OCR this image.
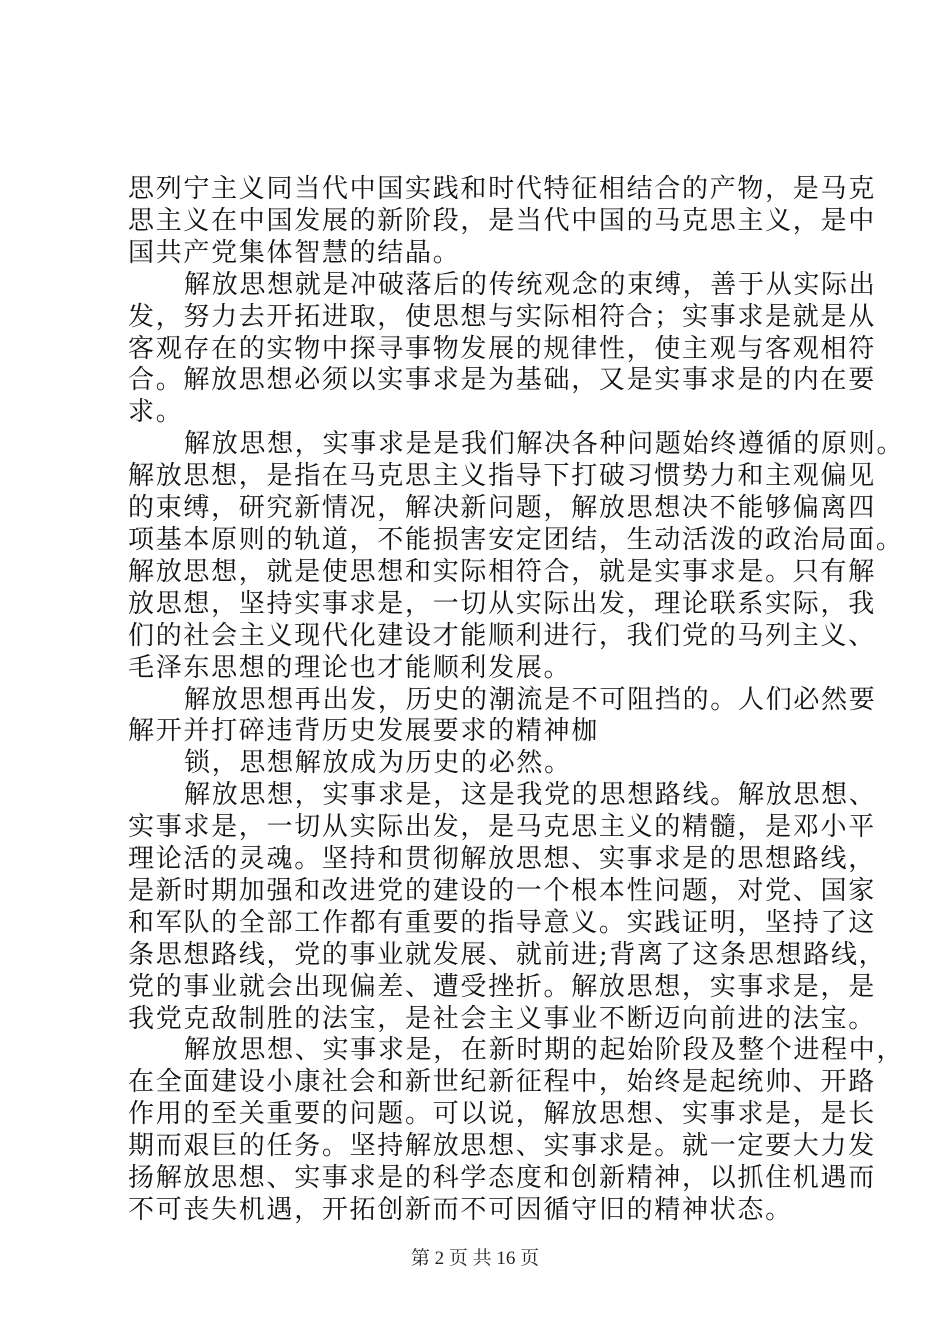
思列宁主义同当代中国实践和时代特征相结合的产物，是马克
思主义在中国发展的新阶段，是当代中国的马克思主义，是中
国共产党集体智慧的结晶。
解放思想就是冲破落后的传统观念的束缚，善于从实际出
发，努力去开拓进取，使思想与实际相符合；实事求是就是从
客观存在的实物中探寻事物发展的规律性，使主观与客观相符
合。解放思想必须以实事求是为基础，又是实事求是的内在要
求。
解放思想，实事求是是我们解决各种问题始终遵循的原则。
解放思想，是指在马克思主义指导下打破习惯势力和主观偏见
的束缚，研究新情况，解决新问题，解放思想决不能够偏离四
项基本原则的轨道，不能损害安定团结，生动活泼的政治局面。
解放思想，就是使思想和实际相符合，就是实事求是。只有解
放思想，坚持实事求是，一切从实际出发，理论联系实际，我
们的社会主义现代化建设才能顺利进行，我们党的马列主义、
毛泽东思想的理论也才能顺利发展。
解放思想再出发，历史的潮流是不可阻挡的。人们必然要
解开并打碎违背历史发展要求的精神枷
锁，思想解放成为历史的必然。
解放思想，实事求是，这是我党的思想路线。解放思想、
实事求是，一切从实际出发，是马克思主义的精髓，是邓小平
理论活的灵魂。坚持和贯彻解放思想、实事求是的思想路线，
是新时期加强和改进党的建设的一个根本性问题，对党、国家
和军队的全部工作都有重要的指导意义。实践证明，坚持了这
条思想路线，党的事业就发展、就前进;背离了这条思想路线，
党的事业就会出现偏差、遭受挫折。解放思想，实事求是，是
我党克敌制胜的法宝，是社会主义事业不断迈向前进的法宝。
解放思想、实事求是，在新时期的起始阶段及整个进程中，
在全面建设小康社会和新世纪新征程中，始终是起统帅、开路
作用的至关重要的问题。可以说，解放思想、实事求是，是长
期而艰巨的任务。坚持解放思想、实事求是。就一定要大力发
扬解放思想、实事求是的科学态度和创新精神，以抓住机遇而
不可丧失机遇，开拓创新而不可因循守旧的精神状态。
第 2 页 共 16 页
